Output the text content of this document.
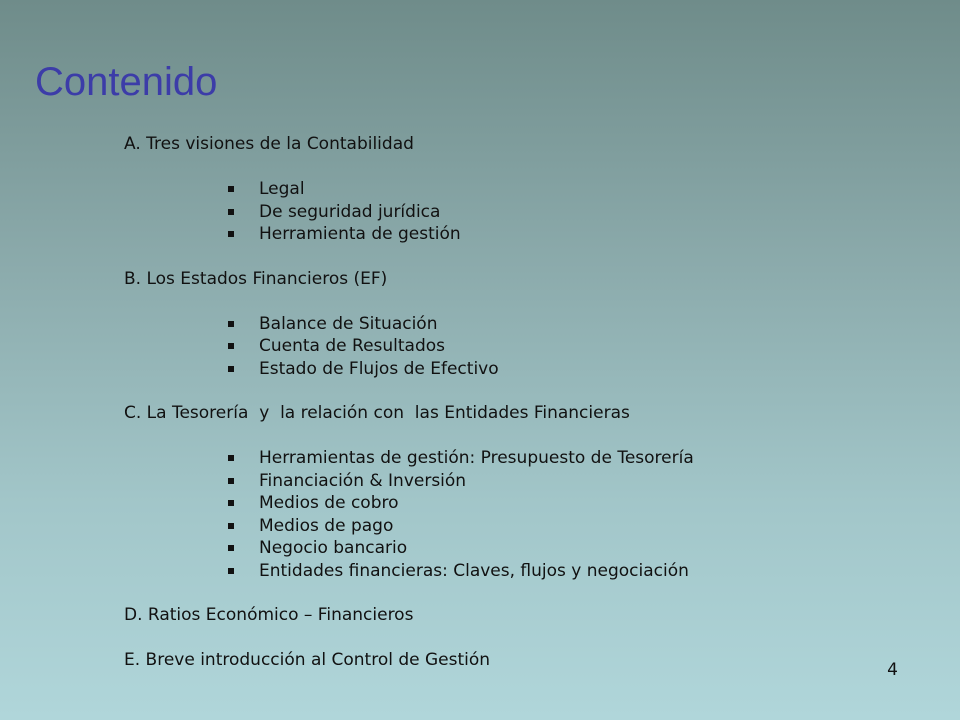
Contenido
A. Tres visiones de la Contabilidad
Legal
De seguridad jurídica
Herramienta de gestión
B. Los Estados Financieros (EF)
Balance de Situación
Cuenta de Resultados
Estado de Flujos de Efectivo
C. La Tesorería  y  la relación con  las Entidades Financieras
Herramientas de gestión: Presupuesto de Tesorería
Financiación & Inversión
Medios de cobro
Medios de pago
Negocio bancario
Entidades financieras: Claves, flujos y negociación
D. Ratios Económico – Financieros
E. Breve introducción al Control de Gestión
4
